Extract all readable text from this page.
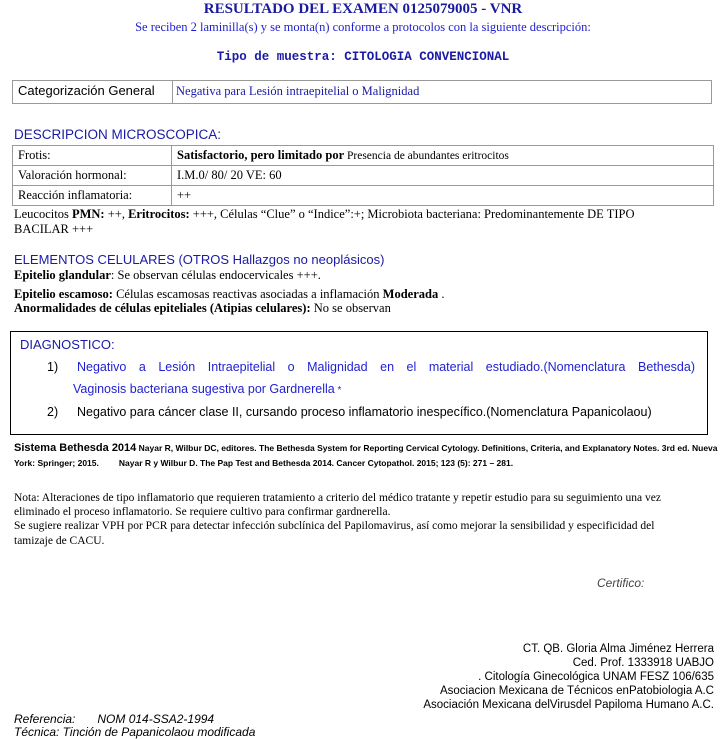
RESULTADO DEL EXAMEN 0125079005 - VNR
Se reciben 2 laminilla(s) y se monta(n) conforme a protocolos con la siguiente descripción:
Tipo de muestra: CITOLOGIA CONVENCIONAL
Categorización General Negativa para Lesión intraepitelial o Malignidad
DESCRIPCION MICROSCOPICA:
Frotis:	Satisfactorio, pero limitado por Presencia de abundantes eritrocitos
Valoración hormonal:	I.M.0/ 80/ 20 VE: 60
Reacción inflamatoria:	++
Leucocitos PMN: ++, Eritrocitos: +++, Células “Clue” o “Indice”:+; Microbiota bacteriana: Predominantemente DE TIPO
BACILAR +++
ELEMENTOS CELULARES (OTROS Hallazgos no neoplásicos)
Epitelio glandular: Se observan células endocervicales +++.
Epitelio escamoso: Células escamosas reactivas asociadas a inflamación Moderada .
Anormalidades de células epiteliales (Atipias celulares): No se observan
DIAGNOSTICO:
1) Negativo a Lesión Intraepitelial o Malignidad en el material estudiado.(Nomenclatura Bethesda)
Vaginosis bacteriana sugestiva por Gardnerella *
2) Negativo para cáncer clase II, cursando proceso inflamatorio inespecífico.(Nomenclatura Papanicolaou)
Sistema Bethesda 2014 Nayar R, Wilbur DC, editores. The Bethesda System for Reporting Cervical Cytology. Definitions, Criteria, and Explanatory Notes. 3rd ed. Nueva
York: Springer; 2015. Nayar R y Wilbur D. The Pap Test and Bethesda 2014. Cancer Cytopathol. 2015; 123 (5): 271 – 281.
Nota: Alteraciones de tipo inflamatorio que requieren tratamiento a criterio del médico tratante y repetir estudio para su seguimiento una vez
eliminado el proceso inflamatorio. Se requiere cultivo para confirmar gardnerella.
Se sugiere realizar VPH por PCR para detectar infección subclínica del Papilomavirus, así como mejorar la sensibilidad y especificidad del
tamizaje de CACU.
Certifico:
CT. QB. Gloria Alma Jiménez Herrera
Ced. Prof. 1333918 UABJO
. Citología Ginecológica UNAM FESZ 106/635
Asociacion Mexicana de Técnicos enPatobiologia A.C
Asociación Mexicana delVirusdel Papiloma Humano A.C.
Referencia: NOM 014-SSA2-1994
Técnica: Tinción de Papanicolaou modificada
